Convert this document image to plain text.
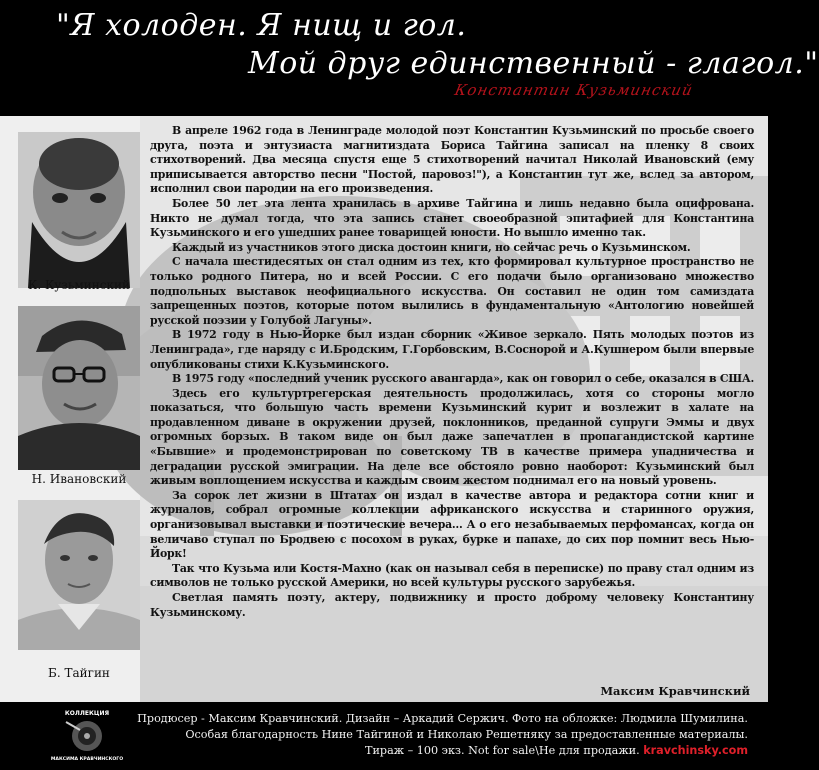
"Я холоден. Я нищ и гол.
Мой друг единственный - глагол."
Константин Кузьминский
К. Кузьминский
Н. Ивановский
Б. Тайгин

В апреле 1962 года в Ленинграде молодой поэт Константин Кузьминский по просьбе своего друга, поэта и энтузиаста магнитиздата Бориса Тайгина записал на пленку 8 своих стихотворений. Два месяца спустя еще 5 стихотворений начитал Николай Ивановский (ему приписывается авторство песни "Постой, паровоз!"), а Константин тут же, вслед за автором, исполнил свои пародии на его произведения.

Более 50 лет эта лента хранилась в архиве Тайгина и лишь недавно была оцифрована. Никто не думал тогда, что эта запись станет своеобразной эпитафией для Константина Кузьминского и его ушедших ранее товарищей юности. Но вышло именно так.

Каждый из участников этого диска достоин книги, но сейчас речь о Кузьминском.

С начала шестидесятых он стал одним из тех, кто формировал культурное пространство не только родного Питера, но и всей России. С его подачи было организовано множество подпольных выставок неофициального искусства. Он составил не один том самиздата запрещенных поэтов, которые потом вылились в фундаментальную «Антологию новейшей русской поэзии у Голубой Лагуны».

В 1972 году в Нью-Йорке был издан сборник «Живое зеркало. Пять молодых поэтов из Ленинграда», где наряду с И.Бродским, Г.Горбовским, В.Сосноpой и А.Кушнером были впервые опубликованы стихи К.Кузьминского.

В 1975 году «последний ученик русского авангарда», как он говорил о себе, оказался в США.

Здесь его культуртрегерская деятельность продолжилась, хотя со стороны могло показаться, что большую часть времени Кузьминский курит и возлежит в халате на продавленном диване в окружении друзей, поклонников, преданной супруги Эммы и двух огромных борзых. В таком виде он был даже запечатлен в пропагандистской картине «Бывшие» и продемонстрирован по советскому ТВ в качестве примера упадничества и деградации русской эмиграции. На деле все обстояло ровно наоборот: Кузьминский был живым воплощением искусства и каждым своим жестом поднимал его на новый уровень.

За сорок лет жизни в Штатах он издал в качестве автора и редактора сотни книг и журналов, собрал огромные коллекции африканского искусства и старинного оружия, организовывал выставки и поэтические вечера… А о его незабываемых перфомансах, когда он величаво ступал по Бродвею с посохом в руках, бурке и папахе, до сих пор помнит весь Нью-Йорк!

Так что Кузьма или Костя-Махно (как он называл себя в переписке) по праву стал одним из символов не только русской Америки, но всей культуры русского зарубежья.

Светлая память поэту, актеру, подвижнику и просто доброму человеку Константину Кузьминскому.

Максим Кравчинский
КОЛЛЕКЦИЯ
МАКСИМА КРАВЧИНСКОГО
Продюсер - Максим Кравчинский. Дизайн – Аркадий Сержич. Фото на обложке: Людмила Шумилина.
Особая благодарность Нине Тайгиной и Николаю Решетняку за предоставленные материалы.
Тираж – 100 экз. Not for sale\Не для продажи. kravchinsky.com
